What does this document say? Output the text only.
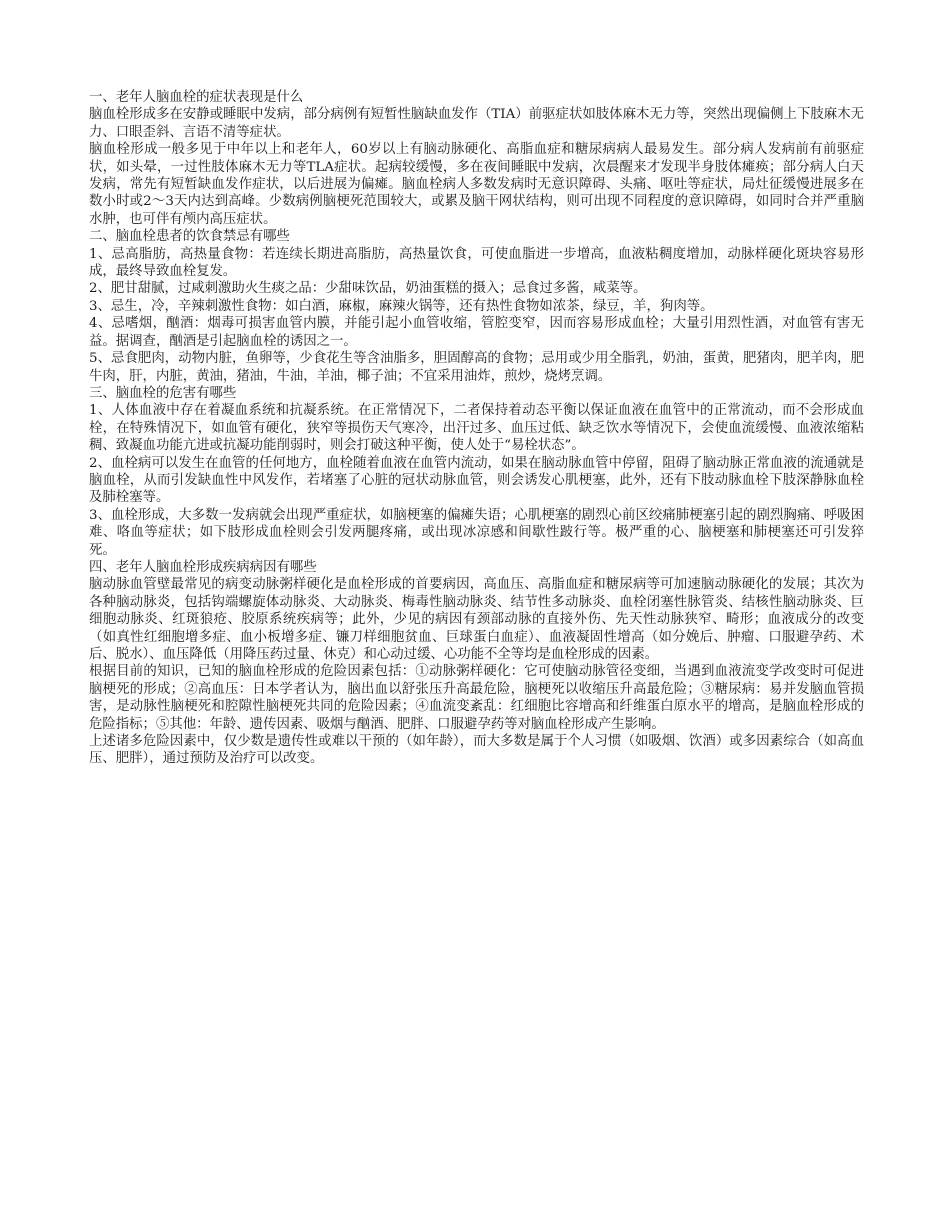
一、老年人脑血栓的症状表现是什么
脑血栓形成多在安静或睡眠中发病，部分病例有短暂性脑缺血发作（TIA）前驱症状如肢体麻木无力等，突然出现偏侧上下肢麻木无力、口眼歪斜、言语不清等症状。
脑血栓形成一般多见于中年以上和老年人，60岁以上有脑动脉硬化、高脂血症和糖尿病病人最易发生。部分病人发病前有前驱症状，如头晕，一过性肢体麻木无力等TLA症状。起病较缓慢，多在夜间睡眠中发病，次晨醒来才发现半身肢体瘫痪；部分病人白天发病，常先有短暂缺血发作症状，以后进展为偏瘫。脑血栓病人多数发病时无意识障碍、头痛、呕吐等症状，局灶征缓慢进展多在数小时或2～3天内达到高峰。少数病例脑梗死范围较大，或累及脑干网状结构，则可出现不同程度的意识障碍，如同时合并严重脑水肿，也可伴有颅内高压症状。
二、脑血栓患者的饮食禁忌有哪些
1、忌高脂肪，高热量食物：若连续长期进高脂肪，高热量饮食，可使血脂进一步增高，血液粘稠度增加，动脉样硬化斑块容易形成，最终导致血栓复发。
2、肥甘甜腻，过咸刺激助火生痰之品：少甜味饮品，奶油蛋糕的摄入；忌食过多酱，咸菜等。
3、忌生，冷，辛辣刺激性食物：如白酒，麻椒，麻辣火锅等，还有热性食物如浓茶，绿豆，羊，狗肉等。
4、忌嗜烟，酗酒：烟毒可损害血管内膜，并能引起小血管收缩，管腔变窄，因而容易形成血栓；大量引用烈性酒，对血管有害无益。据调查，酗酒是引起脑血栓的诱因之一。
5、忌食肥肉，动物内脏，鱼卵等，少食花生等含油脂多，胆固醇高的食物；忌用或少用全脂乳，奶油，蛋黄，肥猪肉，肥羊肉，肥牛肉，肝，内脏，黄油，猪油，牛油，羊油，椰子油；不宜采用油炸，煎炒，烧烤烹调。
三、脑血栓的危害有哪些
1、人体血液中存在着凝血系统和抗凝系统。在正常情况下，二者保持着动态平衡以保证血液在血管中的正常流动，而不会形成血栓，在特殊情况下，如血管有硬化，狭窄等损伤天气寒冷，出汗过多、血压过低、缺乏饮水等情况下，会使血流缓慢、血液浓缩粘稠、致凝血功能亢进或抗凝功能削弱时，则会打破这种平衡，使人处于“易栓状态”。
2、血栓病可以发生在血管的任何地方，血栓随着血液在血管内流动，如果在脑动脉血管中停留，阻碍了脑动脉正常血液的流通就是脑血栓，从而引发缺血性中风发作，若堵塞了心脏的冠状动脉血管，则会诱发心肌梗塞，此外，还有下肢动脉血栓下肢深静脉血栓及肺栓塞等。
3、血栓形成，大多数一发病就会出现严重症状，如脑梗塞的偏瘫失语；心肌梗塞的剧烈心前区绞痛肺梗塞引起的剧烈胸痛、呼吸困难、咯血等症状；如下肢形成血栓则会引发两腿疼痛，或出现冰凉感和间歇性跛行等。极严重的心、脑梗塞和肺梗塞还可引发猝死。
四、老年人脑血栓形成疾病病因有哪些
脑动脉血管壁最常见的病变动脉粥样硬化是血栓形成的首要病因，高血压、高脂血症和糖尿病等可加速脑动脉硬化的发展；其次为各种脑动脉炎，包括钩端螺旋体动脉炎、大动脉炎、梅毒性脑动脉炎、结节性多动脉炎、血栓闭塞性脉管炎、结核性脑动脉炎、巨细胞动脉炎、红斑狼疮、胶原系统疾病等；此外，少见的病因有颈部动脉的直接外伤、先天性动脉狭窄、畸形；血液成分的改变（如真性红细胞增多症、血小板增多症、镰刀样细胞贫血、巨球蛋白血症）、血液凝固性增高（如分娩后、肿瘤、口服避孕药、术后、脱水）、血压降低（用降压药过量、休克）和心动过缓、心功能不全等均是血栓形成的因素。
根据目前的知识，已知的脑血栓形成的危险因素包括：①动脉粥样硬化：它可使脑动脉管径变细，当遇到血液流变学改变时可促进脑梗死的形成；②高血压：日本学者认为，脑出血以舒张压升高最危险，脑梗死以收缩压升高最危险；③糖尿病：易并发脑血管损害，是动脉性脑梗死和腔隙性脑梗死共同的危险因素；④血流变紊乱：红细胞比容增高和纤维蛋白原水平的增高，是脑血栓形成的危险指标；⑤其他：年龄、遗传因素、吸烟与酗酒、肥胖、口服避孕药等对脑血栓形成产生影响。
上述诸多危险因素中，仅少数是遗传性或难以干预的（如年龄），而大多数是属于个人习惯（如吸烟、饮酒）或多因素综合（如高血压、肥胖），通过预防及治疗可以改变。
